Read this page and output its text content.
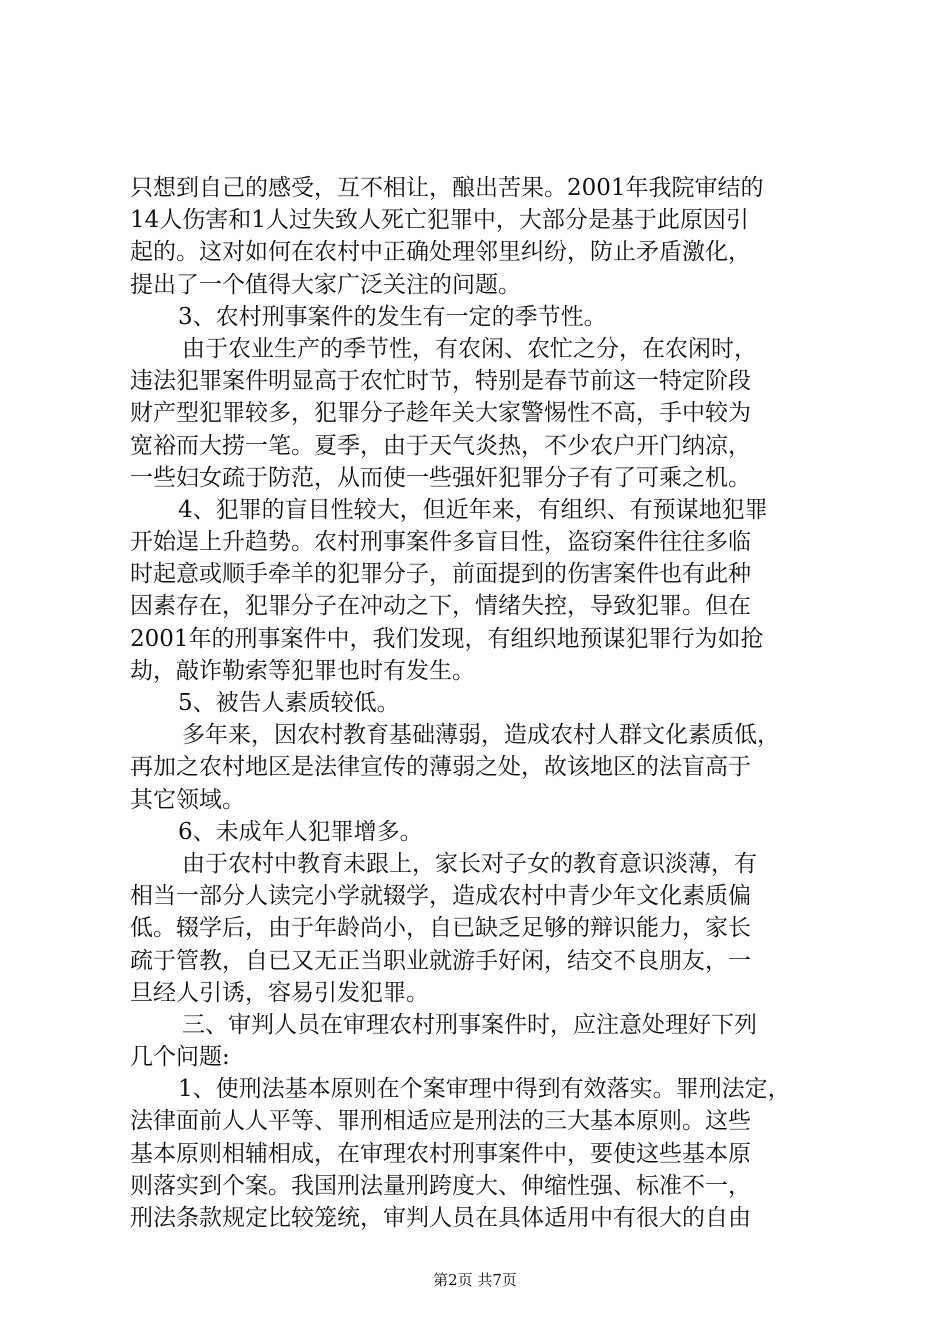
只想到自己的感受，互不相让，酿出苦果。2001年我院审结的
14人伤害和1人过失致人死亡犯罪中，大部分是基于此原因引
起的。这对如何在农村中正确处理邻里纠纷，防止矛盾激化，
提出了一个值得大家广泛关注的问题。
3、农村刑事案件的发生有一定的季节性。
由于农业生产的季节性，有农闲、农忙之分，在农闲时，
违法犯罪案件明显高于农忙时节，特别是春节前这一特定阶段
财产型犯罪较多，犯罪分子趁年关大家警惕性不高，手中较为
宽裕而大捞一笔。夏季，由于天气炎热，不少农户开门纳凉，
一些妇女疏于防范，从而使一些强奸犯罪分子有了可乘之机。
4、犯罪的盲目性较大，但近年来，有组织、有预谋地犯罪
开始逞上升趋势。农村刑事案件多盲目性，盗窃案件往往多临
时起意或顺手牵羊的犯罪分子，前面提到的伤害案件也有此种
因素存在，犯罪分子在冲动之下，情绪失控，导致犯罪。但在
2001年的刑事案件中，我们发现，有组织地预谋犯罪行为如抢
劫，敲诈勒索等犯罪也时有发生。
5、被告人素质较低。
多年来，因农村教育基础薄弱，造成农村人群文化素质低，
再加之农村地区是法律宣传的薄弱之处，故该地区的法盲高于
其它领域。
6、未成年人犯罪增多。
由于农村中教育未跟上，家长对子女的教育意识淡薄，有
相当一部分人读完小学就辍学，造成农村中青少年文化素质偏
低。辍学后，由于年龄尚小，自已缺乏足够的辩识能力，家长
疏于管教，自已又无正当职业就游手好闲，结交不良朋友，一
旦经人引诱，容易引发犯罪。
三、审判人员在审理农村刑事案件时，应注意处理好下列
几个问题:
1、使刑法基本原则在个案审理中得到有效落实。罪刑法定，
法律面前人人平等、罪刑相适应是刑法的三大基本原则。这些
基本原则相辅相成，在审理农村刑事案件中，要使这些基本原
则落实到个案。我国刑法量刑跨度大、伸缩性强、标准不一，
刑法条款规定比较笼统，审判人员在具体适用中有很大的自由
第2页 共7页
